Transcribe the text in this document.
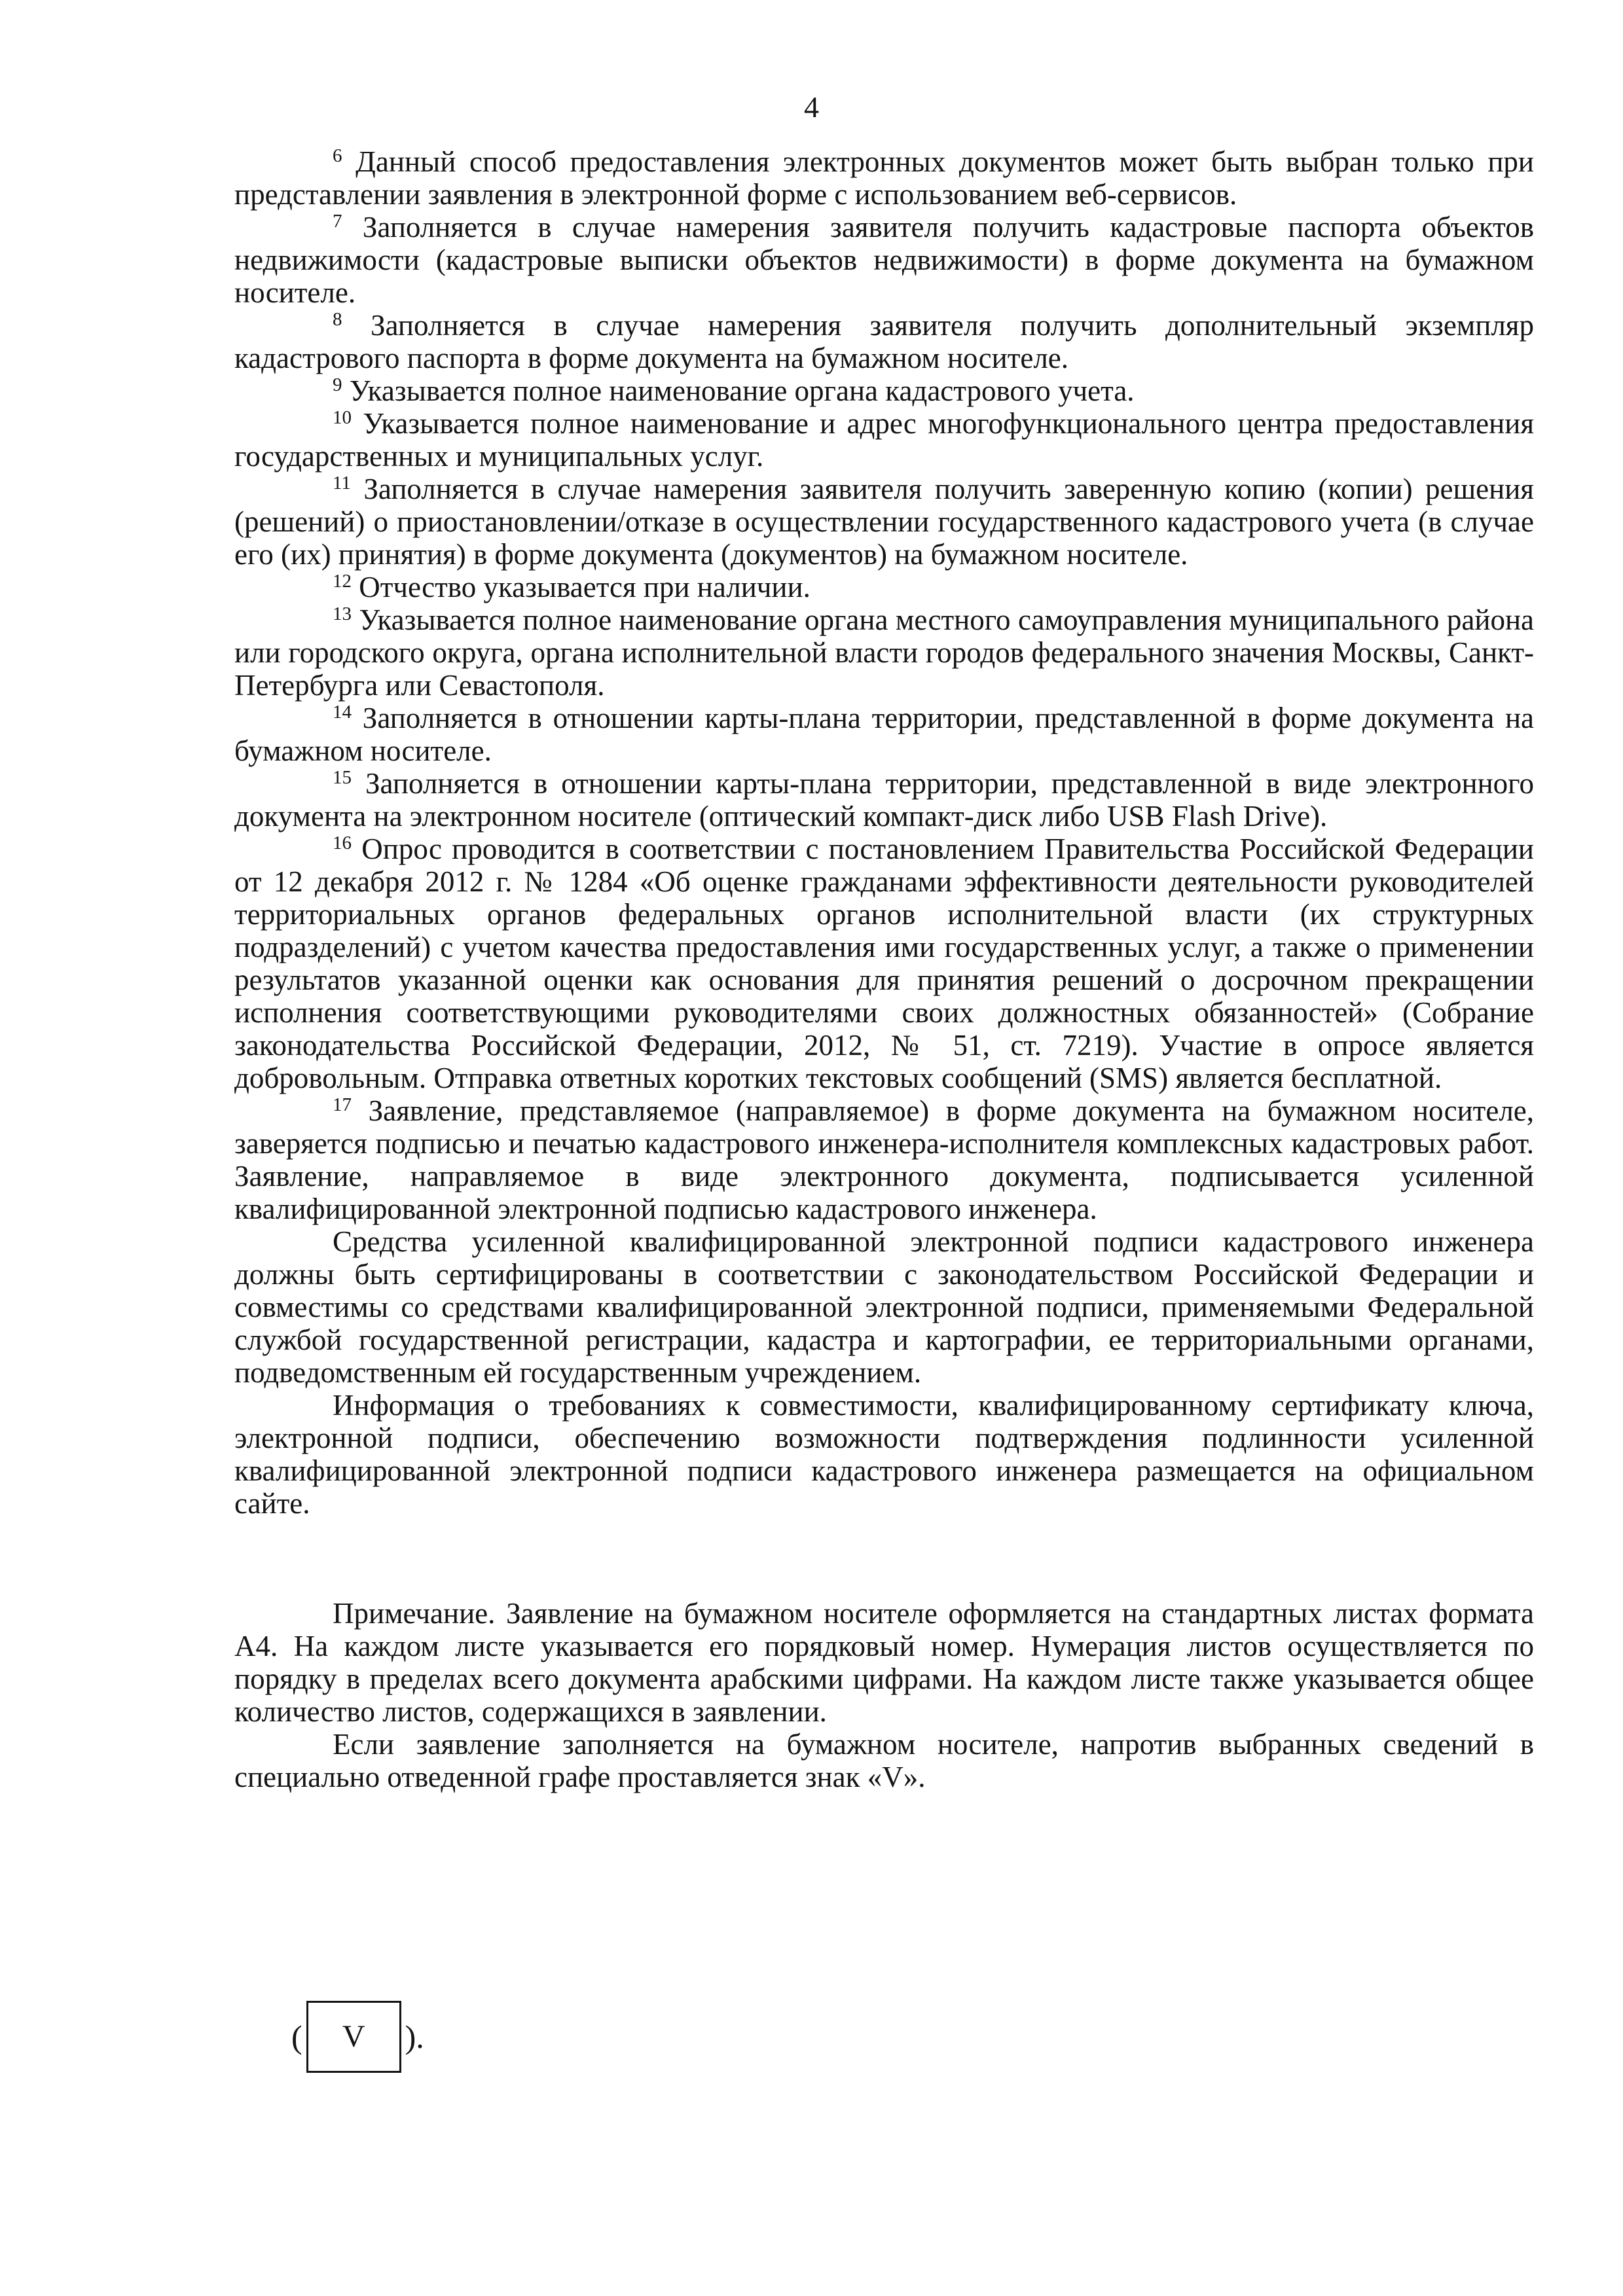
4

$^6$ Данный способ предоставления электронных документов может быть выбран только при представлении заявления в электронной форме с использованием веб-сервисов.

$^7$ Заполняется в случае намерения заявителя получить кадастровые паспорта объектов недвижимости (кадастровые выписки объектов недвижимости) в форме документа на бумажном носителе.

$^8$ Заполняется в случае намерения заявителя получить дополнительный экземпляр кадастрового паспорта в форме документа на бумажном носителе.

$^9$ Указывается полное наименование органа кадастрового учета.

$^{10}$ Указывается полное наименование и адрес многофункционального центра предоставления государственных и муниципальных услуг.

$^{11}$ Заполняется в случае намерения заявителя получить заверенную копию (копии) решения (решений) о приостановлении/отказе в осуществлении государственного кадастрового учета (в случае его (их) принятия) в форме документа (документов) на бумажном носителе.

$^{12}$ Отчество указывается при наличии.

$^{13}$ Указывается полное наименование органа местного самоуправления муниципального района или городского округа, органа исполнительной власти городов федерального значения Москвы, Санкт-Петербурга или Севастополя.

$^{14}$ Заполняется в отношении карты-плана территории, представленной в форме документа на бумажном носителе.

$^{15}$ Заполняется в отношении карты-плана территории, представленной в виде электронного документа на электронном носителе (оптический компакт-диск либо USB Flash Drive).

$^{16}$ Опрос проводится в соответствии с постановлением Правительства Российской Федерации от 12 декабря 2012 г. № 1284 «Об оценке гражданами эффективности деятельности руководителей территориальных органов федеральных органов исполнительной власти (их структурных подразделений) с учетом качества предоставления ими государственных услуг, а также о применении результатов указанной оценки как основания для принятия решений о досрочном прекращении исполнения соответствующими руководителями своих должностных обязанностей» (Собрание законодательства Российской Федерации, 2012, № 51, ст. 7219). Участие в опросе является добровольным. Отправка ответных коротких текстовых сообщений (SMS) является бесплатной.

$^{17}$ Заявление, представляемое (направляемое) в форме документа на бумажном носителе, заверяется подписью и печатью кадастрового инженера-исполнителя комплексных кадастровых работ. Заявление, направляемое в виде электронного документа, подписывается усиленной квалифицированной электронной подписью кадастрового инженера.

Средства усиленной квалифицированной электронной подписи кадастрового инженера должны быть сертифицированы в соответствии с законодательством Российской Федерации и совместимы со средствами квалифицированной электронной подписи, применяемыми Федеральной службой государственной регистрации, кадастра и картографии, ее территориальными органами, подведомственным ей государственным учреждением.

Информация о требованиях к совместимости, квалифицированному сертификату ключа, электронной подписи, обеспечению возможности подтверждения подлинности усиленной квалифицированной электронной подписи кадастрового инженера размещается на официальном сайте.

Примечание. Заявление на бумажном носителе оформляется на стандартных листах формата А4. На каждом листе указывается его порядковый номер. Нумерация листов осуществляется по порядку в пределах всего документа арабскими цифрами. На каждом листе также указывается общее количество листов, содержащихся в заявлении.

Если заявление заполняется на бумажном носителе, напротив выбранных сведений в специально отведенной графе проставляется знак «V».

(	V	).
